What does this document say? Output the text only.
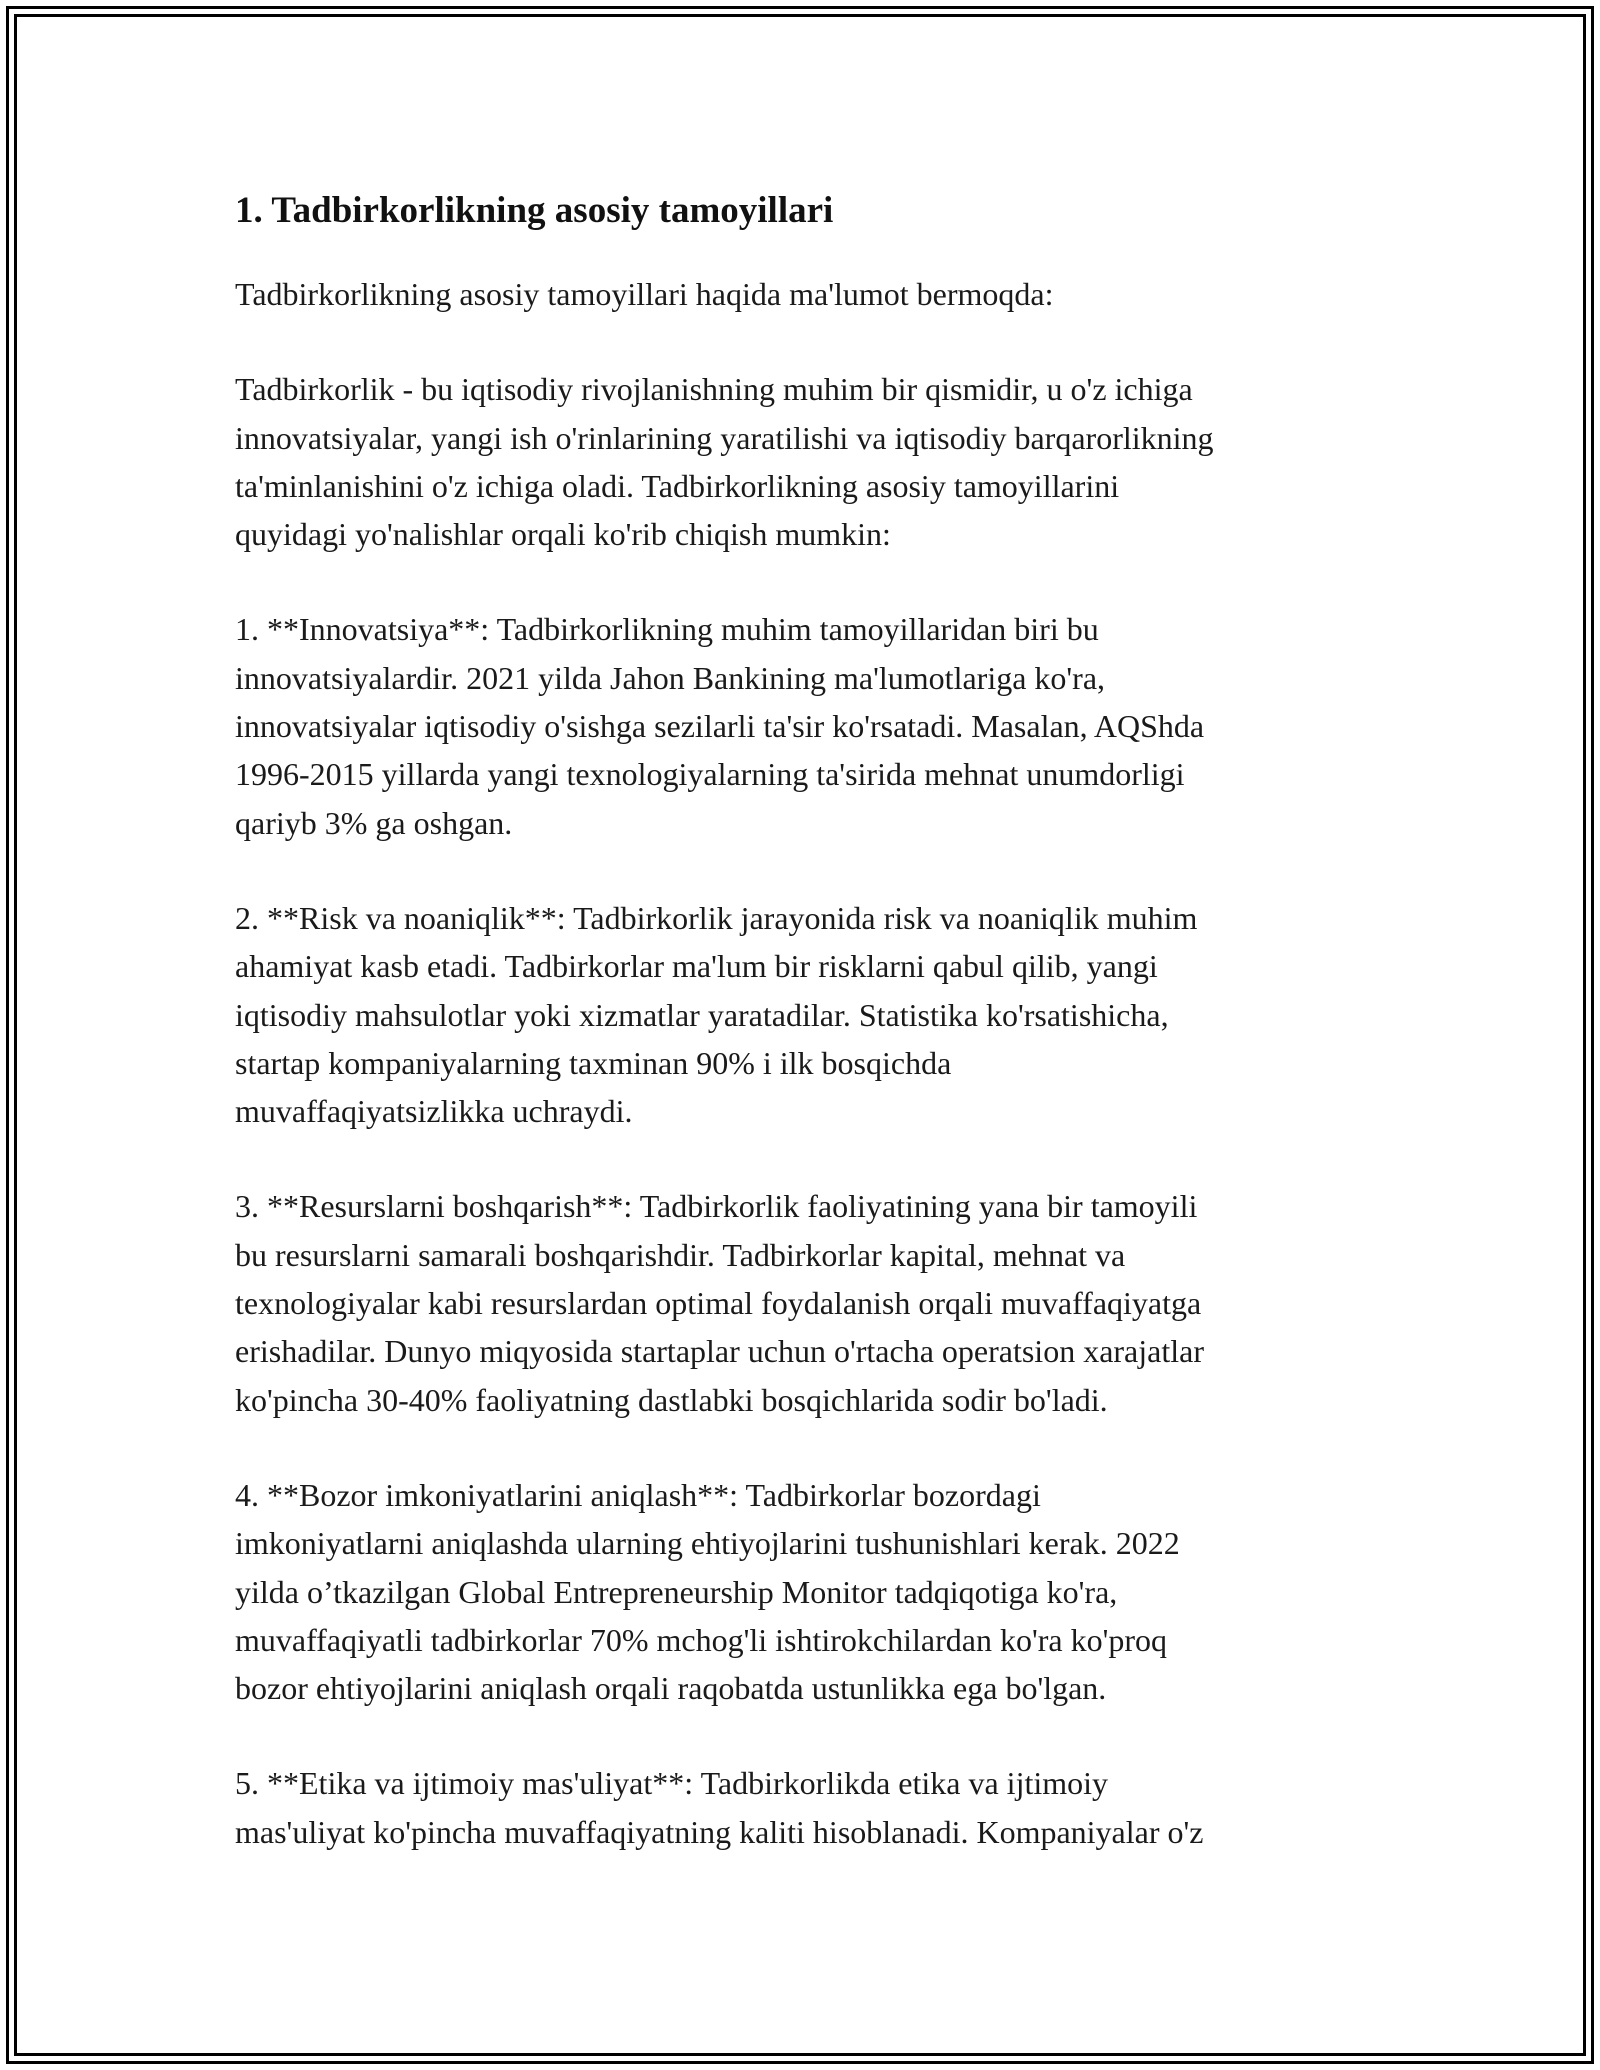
1. Tadbirkorlikning asosiy tamoyillari

Tadbirkorlikning asosiy tamoyillari haqida ma'lumot bermoqda:

Tadbirkorlik - bu iqtisodiy rivojlanishning muhim bir qismidir, u o'z ichiga
innovatsiyalar, yangi ish o'rinlarining yaratilishi va iqtisodiy barqarorlikning
ta'minlanishini o'z ichiga oladi. Tadbirkorlikning asosiy tamoyillarini
quyidagi yo'nalishlar orqali ko'rib chiqish mumkin:

1. **Innovatsiya**: Tadbirkorlikning muhim tamoyillaridan biri bu
innovatsiyalardir. 2021 yilda Jahon Bankining ma'lumotlariga ko'ra,
innovatsiyalar iqtisodiy o'sishga sezilarli ta'sir ko'rsatadi. Masalan, AQShda
1996-2015 yillarda yangi texnologiyalarning ta'sirida mehnat unumdorligi
qariyb 3% ga oshgan.

2. **Risk va noaniqlik**: Tadbirkorlik jarayonida risk va noaniqlik muhim
ahamiyat kasb etadi. Tadbirkorlar ma'lum bir risklarni qabul qilib, yangi
iqtisodiy mahsulotlar yoki xizmatlar yaratadilar. Statistika ko'rsatishicha,
startap kompaniyalarning taxminan 90% i ilk bosqichda
muvaffaqiyatsizlikka uchraydi.

3. **Resurslarni boshqarish**: Tadbirkorlik faoliyatining yana bir tamoyili
bu resurslarni samarali boshqarishdir. Tadbirkorlar kapital, mehnat va
texnologiyalar kabi resurslardan optimal foydalanish orqali muvaffaqiyatga
erishadilar. Dunyo miqyosida startaplar uchun o'rtacha operatsion xarajatlar
ko'pincha 30-40% faoliyatning dastlabki bosqichlarida sodir bo'ladi.

4. **Bozor imkoniyatlarini aniqlash**: Tadbirkorlar bozordagi
imkoniyatlarni aniqlashda ularning ehtiyojlarini tushunishlari kerak. 2022
yilda o’tkazilgan Global Entrepreneurship Monitor tadqiqotiga ko'ra,
muvaffaqiyatli tadbirkorlar 70% mchog'li ishtirokchilardan ko'ra ko'proq
bozor ehtiyojlarini aniqlash orqali raqobatda ustunlikka ega bo'lgan.

5. **Etika va ijtimoiy mas'uliyat**: Tadbirkorlikda etika va ijtimoiy
mas'uliyat ko'pincha muvaffaqiyatning kaliti hisoblanadi. Kompaniyalar o'z
